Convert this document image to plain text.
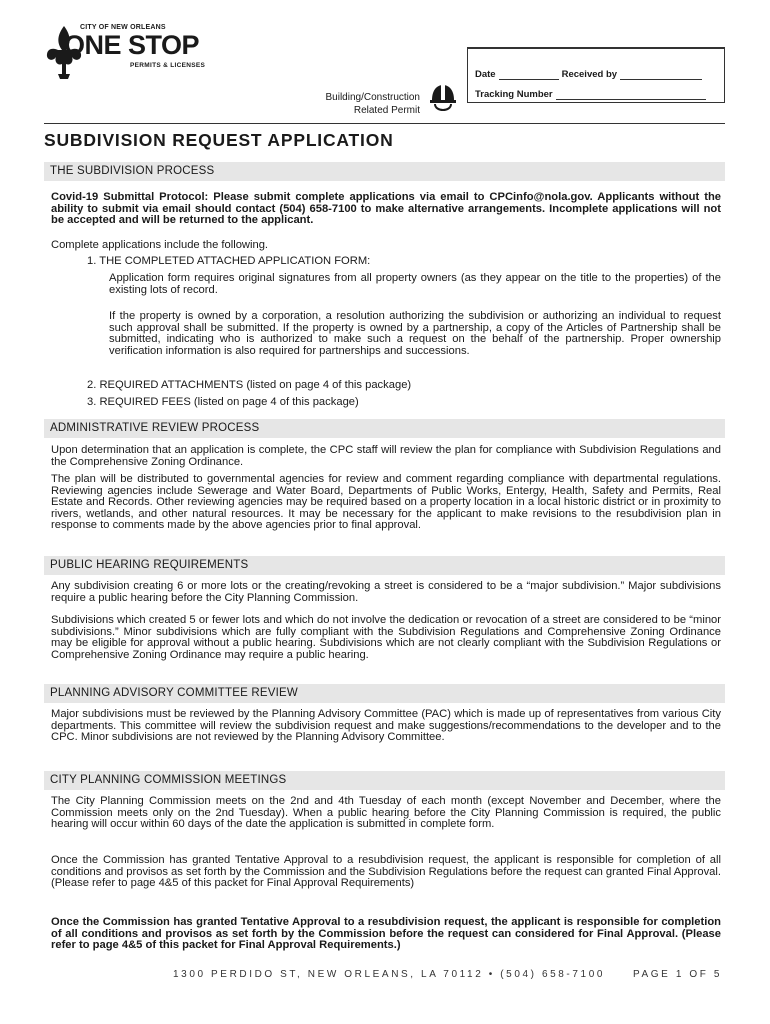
CITY OF NEW ORLEANS
ONE STOP
PERMITS & LICENSES
Building/Construction
Related Permit
Date	Received by
Tracking Number
SUBDIVISION REQUEST APPLICATION
THE SUBDIVISION PROCESS
Covid-19 Submittal Protocol: Please submit complete applications via email to CPCinfo@nola.gov. Applicants without the ability to submit via email should contact (504) 658-7100 to make alternative arrangements. Incomplete applications will not be accepted and will be returned to the applicant.
Complete applications include the following.
1. THE COMPLETED ATTACHED APPLICATION FORM:
Application form requires original signatures from all property owners (as they appear on the title to the properties) of the existing lots of record.
If the property is owned by a corporation, a resolution authorizing the subdivision or authorizing an individual to request such approval shall be submitted. If the property is owned by a partnership, a copy of the Articles of Partnership shall be submitted, indicating who is authorized to make such a request on the behalf of the partnership. Proper ownership verification information is also required for partnerships and successions.
2. REQUIRED ATTACHMENTS (listed on page 4 of this package)
3. REQUIRED FEES (listed on page 4 of this package)
ADMINISTRATIVE REVIEW PROCESS
Upon determination that an application is complete, the CPC staff will review the plan for compliance with Subdivision Regulations and the Comprehensive Zoning Ordinance.
The plan will be distributed to governmental agencies for review and comment regarding compliance with departmental regulations. Reviewing agencies include Sewerage and Water Board, Departments of Public Works, Entergy, Health, Safety and Permits, Real Estate and Records. Other reviewing agencies may be required based on a property location in a local historic district or in proximity to rivers, wetlands, and other natural resources. It may be necessary for the applicant to make revisions to the resubdivision plan in response to comments made by the above agencies prior to final approval.
PUBLIC HEARING REQUIREMENTS
Any subdivision creating 6 or more lots or the creating/revoking a street is considered to be a “major subdivision.” Major subdivisions require a public hearing before the City Planning Commission.
Subdivisions which created 5 or fewer lots and which do not involve the dedication or revocation of a street are considered to be “minor subdivisions.” Minor subdivisions which are fully compliant with the Subdivision Regulations and Comprehensive Zoning Ordinance may be eligible for approval without a public hearing. Subdivisions which are not clearly compliant with the Subdivision Regulations or Comprehensive Zoning Ordinance may require a public hearing.
PLANNING ADVISORY COMMITTEE REVIEW
Major subdivisions must be reviewed by the Planning Advisory Committee (PAC) which is made up of representatives from various City departments. This committee will review the subdivision request and make suggestions/recommendations to the developer and to the CPC. Minor subdivisions are not reviewed by the Planning Advisory Committee.
CITY PLANNING COMMISSION MEETINGS
The City Planning Commission meets on the 2nd and 4th Tuesday of each month (except November and December, where the Commission meets only on the 2nd Tuesday). When a public hearing before the City Planning Commission is required, the public hearing will occur within 60 days of the date the application is submitted in complete form.
Once the Commission has granted Tentative Approval to a resubdivision request, the applicant is responsible for completion of all conditions and provisos as set forth by the Commission and the Subdivision Regulations before the request can granted Final Approval. (Please refer to page 4&5 of this packet for Final Approval Requirements)
Once the Commission has granted Tentative Approval to a resubdivision request, the applicant is responsible for completion of all conditions and provisos as set forth by the Commission before the request can considered for Final Approval. (Please refer to page 4&5 of this packet for Final Approval Requirements.)
1300 PERDIDO ST, NEW ORLEANS, LA 70112 • (504) 658-7100	PAGE 1 OF 5
